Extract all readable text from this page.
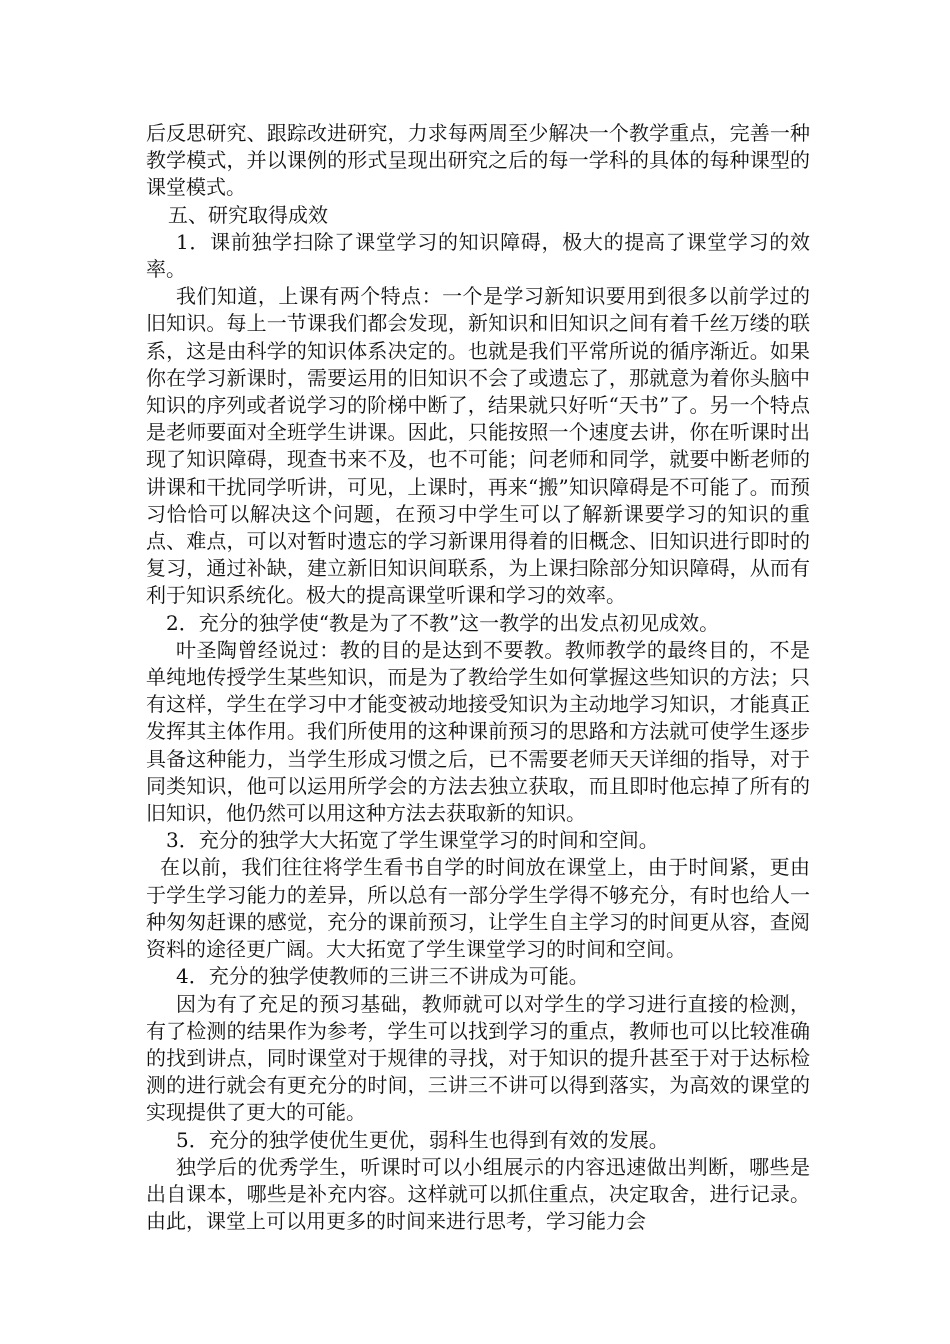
后反思研究、跟踪改进研究，力求每两周至少解决一个教学重点，完善一种教学模式，并以课例的形式呈现出研究之后的每一学科的具体的每种课型的课堂模式。

五、研究取得成效

1．课前独学扫除了课堂学习的知识障碍，极大的提高了课堂学习的效率。

我们知道，上课有两个特点：一个是学习新知识要用到很多以前学过的旧知识。每上一节课我们都会发现，新知识和旧知识之间有着千丝万缕的联系，这是由科学的知识体系决定的。也就是我们平常所说的循序渐近。如果你在学习新课时，需要运用的旧知识不会了或遗忘了，那就意为着你头脑中知识的序列或者说学习的阶梯中断了，结果就只好听“天书”了。另一个特点是老师要面对全班学生讲课。因此，只能按照一个速度去讲，你在听课时出现了知识障碍，现查书来不及，也不可能；问老师和同学，就要中断老师的讲课和干扰同学听讲，可见，上课时，再来“搬”知识障碍是不可能了。而预习恰恰可以解决这个问题，在预习中学生可以了解新课要学习的知识的重点、难点，可以对暂时遗忘的学习新课用得着的旧概念、旧知识进行即时的复习，通过补缺，建立新旧知识间联系，为上课扫除部分知识障碍，从而有利于知识系统化。极大的提高课堂听课和学习的效率。

2．充分的独学使“教是为了不教”这一教学的出发点初见成效。

叶圣陶曾经说过：教的目的是达到不要教。教师教学的最终目的，不是单纯地传授学生某些知识，而是为了教给学生如何掌握这些知识的方法；只有这样，学生在学习中才能变被动地接受知识为主动地学习知识，才能真正发挥其主体作用。我们所使用的这种课前预习的思路和方法就可使学生逐步具备这种能力，当学生形成习惯之后，已不需要老师天天详细的指导，对于同类知识，他可以运用所学会的方法去独立获取，而且即时他忘掉了所有的旧知识，他仍然可以用这种方法去获取新的知识。

3．充分的独学大大拓宽了学生课堂学习的时间和空间。

在以前，我们往往将学生看书自学的时间放在课堂上，由于时间紧，更由于学生学习能力的差异，所以总有一部分学生学得不够充分，有时也给人一种匆匆赶课的感觉，充分的课前预习，让学生自主学习的时间更从容，查阅资料的途径更广阔。大大拓宽了学生课堂学习的时间和空间。

4．充分的独学使教师的三讲三不讲成为可能。

因为有了充足的预习基础，教师就可以对学生的学习进行直接的检测，有了检测的结果作为参考，学生可以找到学习的重点，教师也可以比较准确的找到讲点，同时课堂对于规律的寻找，对于知识的提升甚至于对于达标检测的进行就会有更充分的时间，三讲三不讲可以得到落实，为高效的课堂的实现提供了更大的可能。

5．充分的独学使优生更优，弱科生也得到有效的发展。

独学后的优秀学生，听课时可以小组展示的内容迅速做出判断，哪些是出自课本，哪些是补充内容。这样就可以抓住重点，决定取舍，进行记录。由此，课堂上可以用更多的时间来进行思考，学习能力会
